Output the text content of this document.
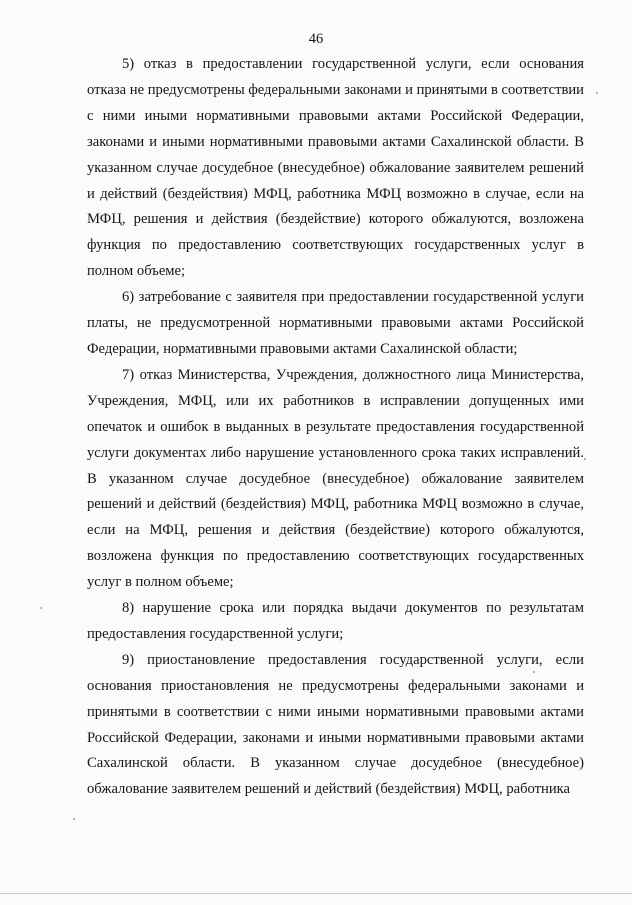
46

5) отказ в предоставлении государственной услуги, если основания отказа не предусмотрены федеральными законами и принятыми в соответствии с ними иными нормативными правовыми актами Российской Федерации, законами и иными нормативными правовыми актами Сахалинской области. В указанном случае досудебное (внесудебное) обжалование заявителем решений и действий (бездействия) МФЦ, работника МФЦ возможно в случае, если на МФЦ, решения и действия (бездействие) которого обжалуются, возложена функция по предоставлению соответствующих государственных услуг в полном объеме;

6) затребование с заявителя при предоставлении государственной услуги платы, не предусмотренной нормативными правовыми актами Российской Федерации, нормативными правовыми актами Сахалинской области;

7) отказ Министерства, Учреждения, должностного лица Министерства, Учреждения, МФЦ, или их работников в исправлении допущенных ими опечаток и ошибок в выданных в результате предоставления государственной услуги документах либо нарушение установленного срока таких исправлений. В указанном случае досудебное (внесудебное) обжалование заявителем решений и действий (бездействия) МФЦ, работника МФЦ возможно в случае, если на МФЦ, решения и действия (бездействие) которого обжалуются, возложена функция по предоставлению соответствующих государственных услуг в полном объеме;

8) нарушение срока или порядка выдачи документов по результатам предоставления государственной услуги;

9) приостановление предоставления государственной услуги, если основания приостановления не предусмотрены федеральными законами и принятыми в соответствии с ними иными нормативными правовыми актами Российской Федерации, законами и иными нормативными правовыми актами Сахалинской области. В указанном случае досудебное (внесудебное) обжалование заявителем решений и действий (бездействия) МФЦ, работника
